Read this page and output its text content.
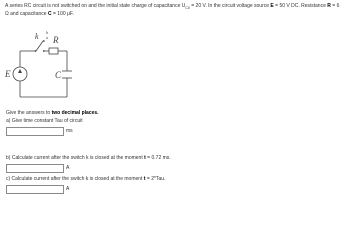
A series RC circuit is not switched on and the initial state charge of capacitance $U_{C0} = 20$ V. In the circuit voltage source E = 50 V DC. Resistance R = 6
Ω and capacitance C = 100 μF.
k b
a R
E	C
Give the answers to two decimal places.
a) Give time constant Tau of circuit
ms
b) Calculate current after the switch k is closed at the moment t = 0.72 ms.
A
c) Calculate current after the switch k is closed at the moment t = 2*Tau.
A
